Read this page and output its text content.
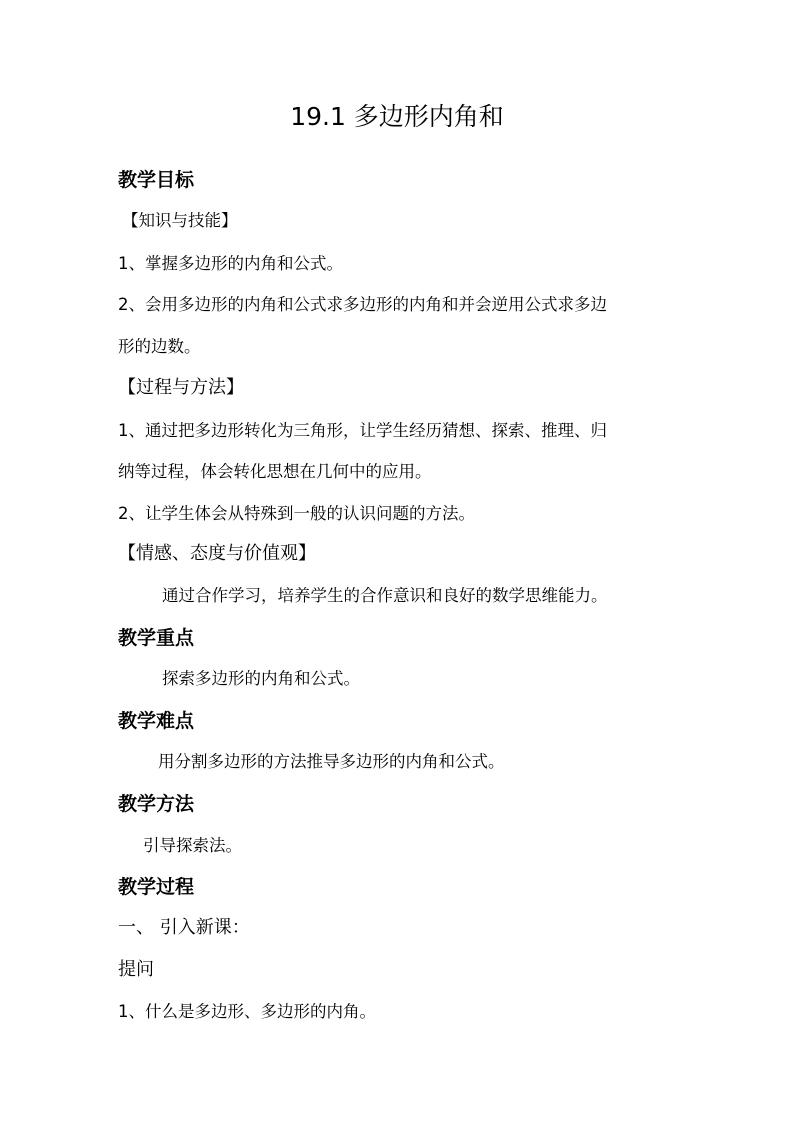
19.1 多边形内角和
教学目标
【知识与技能】
1、掌握多边形的内角和公式。
2、会用多边形的内角和公式求多边形的内角和并会逆用公式求多边
形的边数。
【过程与方法】
1、通过把多边形转化为三角形，让学生经历猜想、探索、推理、归
纳等过程，体会转化思想在几何中的应用。
2、让学生体会从特殊到一般的认识问题的方法。
【情感、态度与价值观】
通过合作学习，培养学生的合作意识和良好的数学思维能力。
教学重点
探索多边形的内角和公式。
教学难点
用分割多边形的方法推导多边形的内角和公式。
教学方法
引导探索法。
教学过程
一、 引入新课：
提问
1、什么是多边形、多边形的内角。
